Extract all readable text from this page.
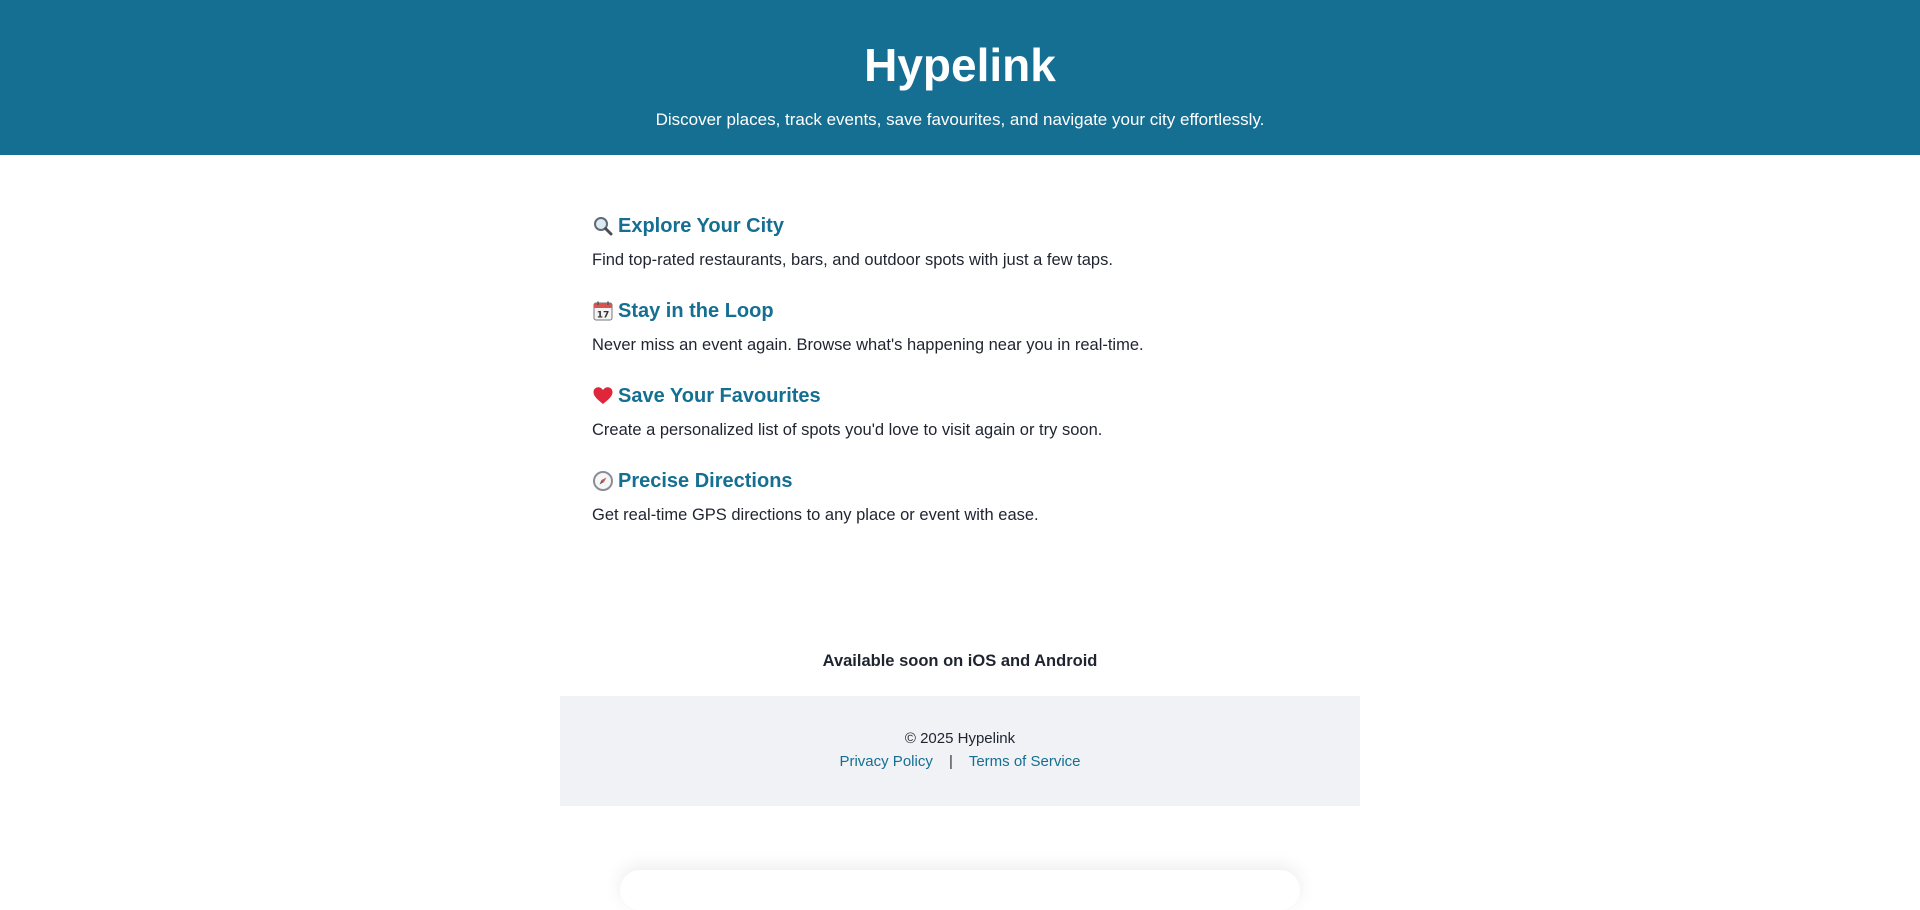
Hypelink

Discover places, track events, save favourites, and navigate your city effortlessly.

Explore Your City

Find top-rated restaurants, bars, and outdoor spots with just a few taps.

17 Stay in the Loop

Never miss an event again. Browse what's happening near you in real-time.

Save Your Favourites

Create a personalized list of spots you'd love to visit again or try soon.

Precise Directions

Get real-time GPS directions to any place or event with ease.

Available soon on iOS and Android
© 2025 Hypelink
Privacy Policy | Terms of Service
